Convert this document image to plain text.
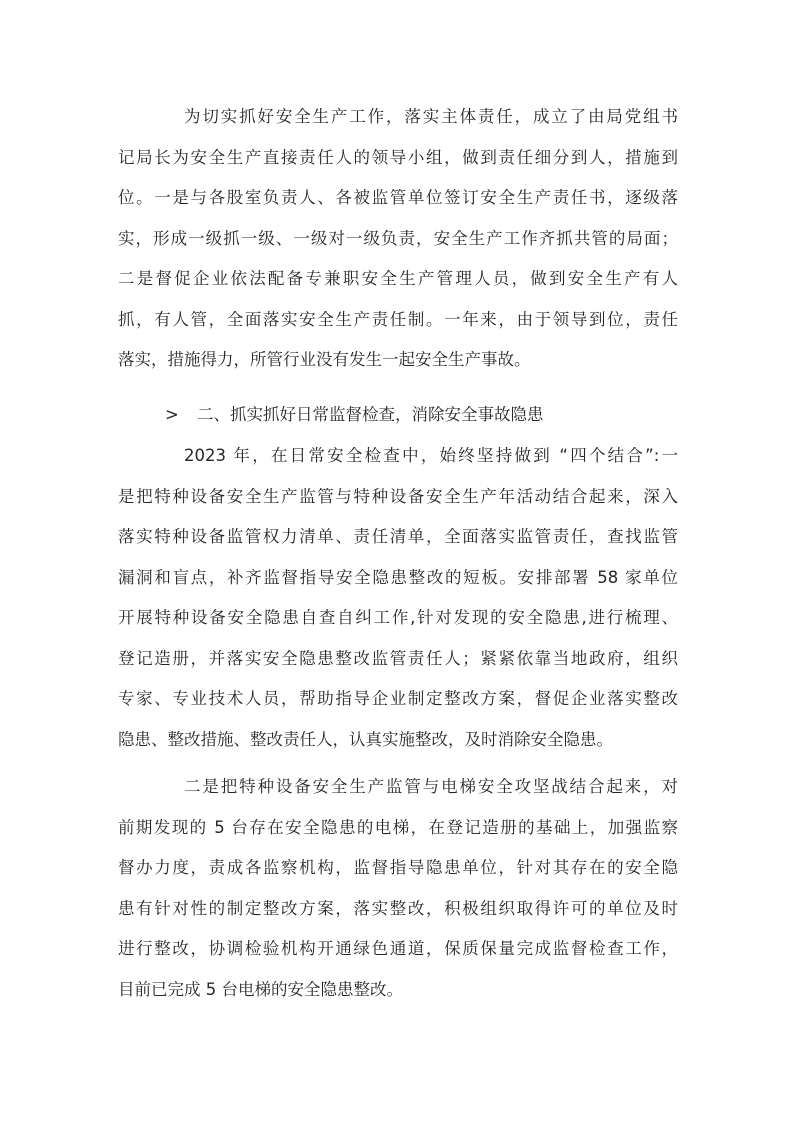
为切实抓好安全生产工作，落实主体责任，成立了由局党组书
记局长为安全生产直接责任人的领导小组，做到责任细分到人，措施到
位。一是与各股室负责人、各被监管单位签订安全生产责任书，逐级落
实，形成一级抓一级、一级对一级负责，安全生产工作齐抓共管的局面；
二是督促企业依法配备专兼职安全生产管理人员，做到安全生产有人
抓，有人管，全面落实安全生产责任制。一年来，由于领导到位，责任
落实，措施得力，所管行业没有发生一起安全生产事故。
> 二、抓实抓好日常监督检查，消除安全事故隐患
2023 年，在日常安全检查中，始终坚持做到 “四个结合”:一
是把特种设备安全生产监管与特种设备安全生产年活动结合起来，深入
落实特种设备监管权力清单、责任清单，全面落实监管责任，查找监管
漏洞和盲点，补齐监督指导安全隐患整改的短板。安排部署 58 家单位
开展特种设备安全隐患自查自纠工作,针对发现的安全隐患,进行梳理、
登记造册，并落实安全隐患整改监管责任人；紧紧依靠当地政府，组织
专家、专业技术人员，帮助指导企业制定整改方案，督促企业落实整改
隐患、整改措施、整改责任人，认真实施整改，及时消除安全隐患。
二是把特种设备安全生产监管与电梯安全攻坚战结合起来，对
前期发现的 5 台存在安全隐患的电梯，在登记造册的基础上，加强监察
督办力度，责成各监察机构，监督指导隐患单位，针对其存在的安全隐
患有针对性的制定整改方案，落实整改，积极组织取得许可的单位及时
进行整改，协调检验机构开通绿色通道，保质保量完成监督检查工作，
目前已完成 5 台电梯的安全隐患整改。
